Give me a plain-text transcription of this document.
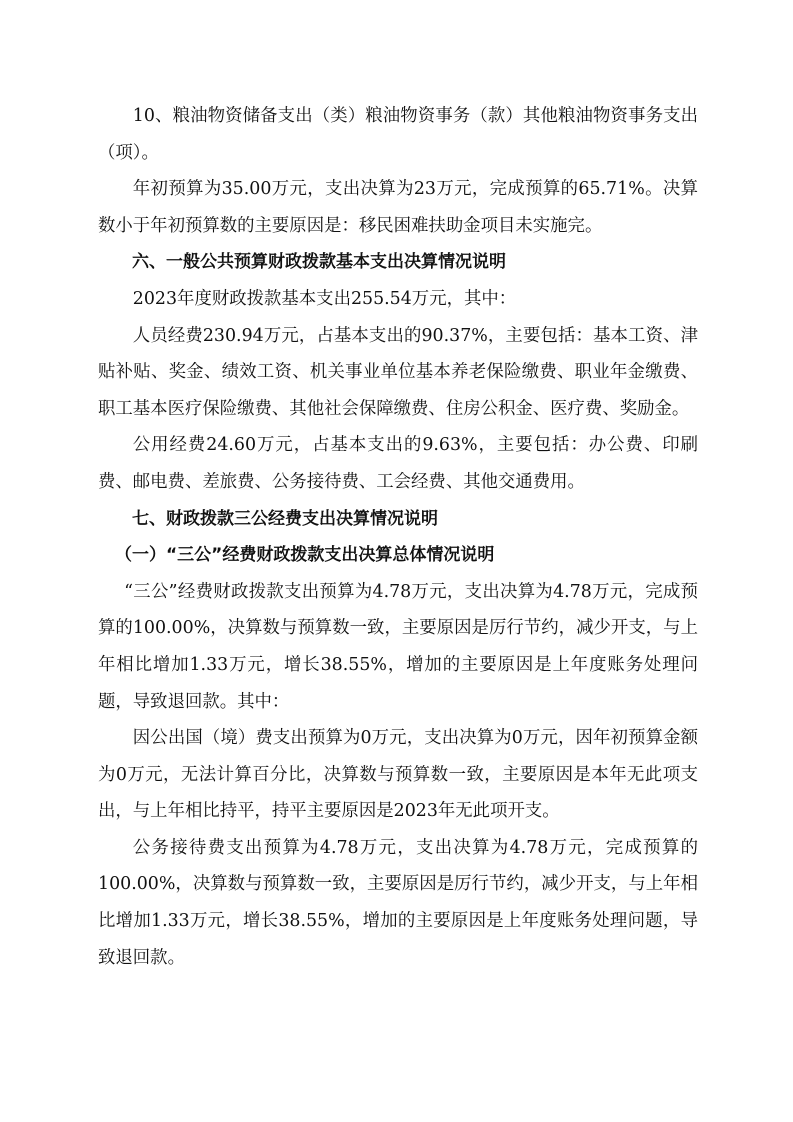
10、粮油物资储备支出（类）粮油物资事务（款）其他粮油物资事务支出（项）。

年初预算为35.00万元，支出决算为23万元，完成预算的65.71%。决算数小于年初预算数的主要原因是：移民困难扶助金项目未实施完。

六、一般公共预算财政拨款基本支出决算情况说明

2023年度财政拨款基本支出255.54万元，其中：

人员经费230.94万元，占基本支出的90.37%，主要包括：基本工资、津贴补贴、奖金、绩效工资、机关事业单位基本养老保险缴费、职业年金缴费、职工基本医疗保险缴费、其他社会保障缴费、住房公积金、医疗费、奖励金。

公用经费24.60万元，占基本支出的9.63%，主要包括：办公费、印刷费、邮电费、差旅费、公务接待费、工会经费、其他交通费用。

七、财政拨款三公经费支出决算情况说明

（一）“三公”经费财政拨款支出决算总体情况说明

“三公”经费财政拨款支出预算为4.78万元，支出决算为4.78万元，完成预算的100.00%，决算数与预算数一致，主要原因是厉行节约，减少开支，与上年相比增加1.33万元，增长38.55%，增加的主要原因是上年度账务处理问题，导致退回款。其中：

因公出国（境）费支出预算为0万元，支出决算为0万元，因年初预算金额为0万元，无法计算百分比，决算数与预算数一致，主要原因是本年无此项支出，与上年相比持平，持平主要原因是2023年无此项开支。

公务接待费支出预算为4.78万元，支出决算为4.78万元，完成预算的100.00%，决算数与预算数一致，主要原因是厉行节约，减少开支，与上年相比增加1.33万元，增长38.55%，增加的主要原因是上年度账务处理问题，导致退回款。
